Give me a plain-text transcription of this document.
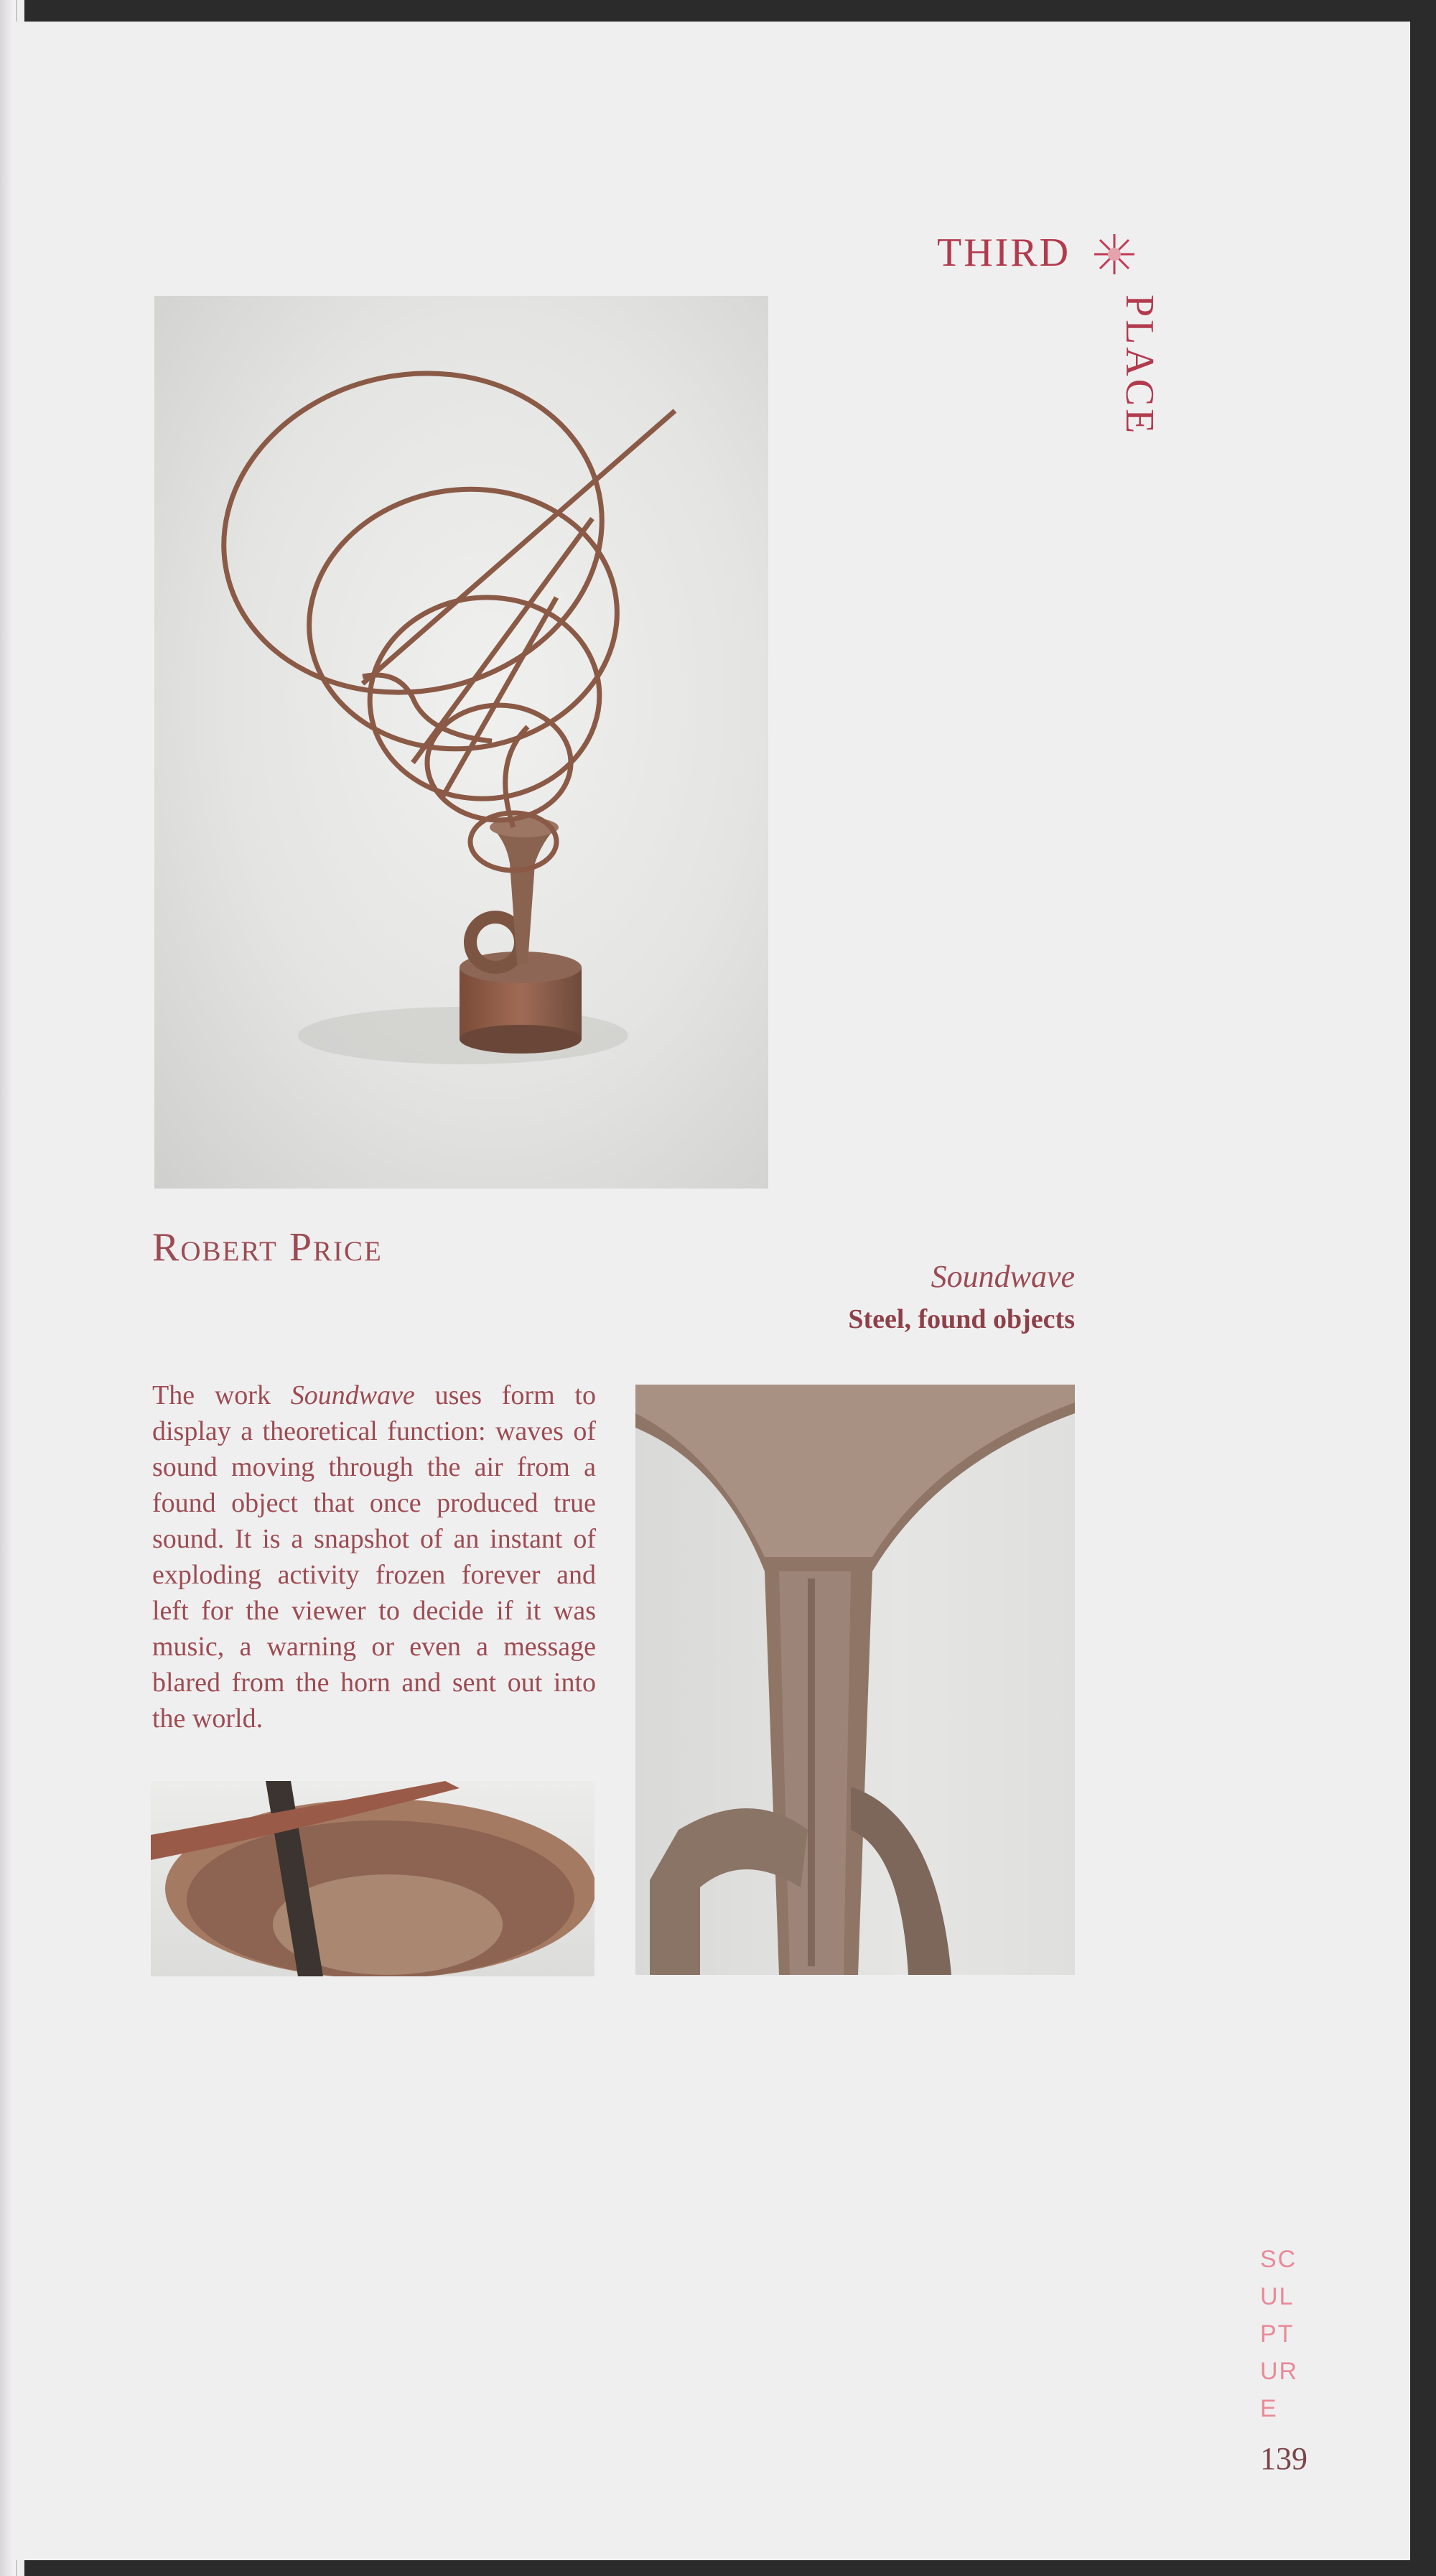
THIRD
PLACE
Robert Price
Soundwave
Steel, found objects
The work Soundwave uses form to display a theoretical function: waves of sound moving through the air from a found object that once produced true sound. It is a snapshot of an instant of exploding activity frozen forever and left for the viewer to decide if it was music, a warning or even a message blared from the horn and sent out into the world.
SCULPTURE
139
